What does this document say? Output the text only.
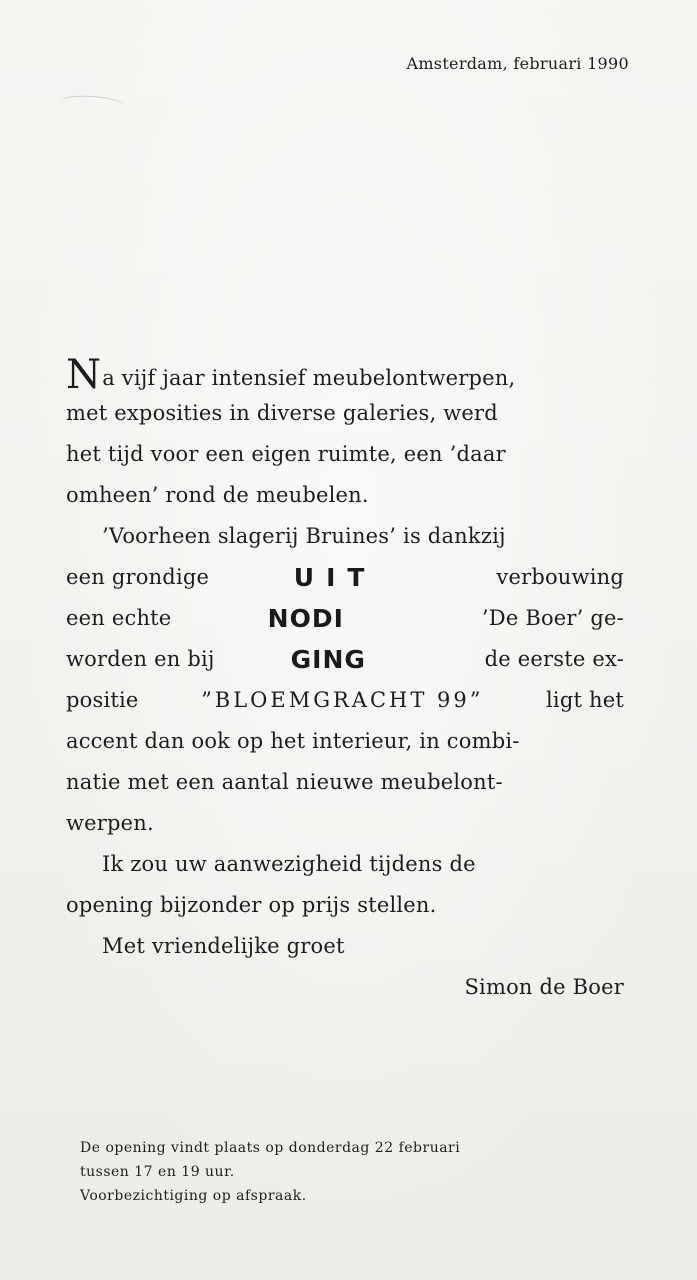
Amsterdam, februari 1990
Na vijf jaar intensief meubelontwerpen,
met exposities in diverse galeries, werd
het tijd voor een eigen ruimte, een ’daar
omheen’ rond de meubelen.
’Voorheen slagerij Bruines’ is dankzij
een grondige	UIT	verbouwing
een echte	NODI	’De Boer’ ge-
worden en bij	GING	de eerste ex-
positie	”BLOEMGRACHT 99”	ligt het
accent dan ook op het interieur, in combi-
natie met een aantal nieuwe meubelont-
werpen.
Ik zou uw aanwezigheid tijdens de
opening bijzonder op prijs stellen.
Met vriendelijke groet
Simon de Boer
De opening vindt plaats op donderdag 22 februari
tussen 17 en 19 uur.
Voorbezichtiging op afspraak.
